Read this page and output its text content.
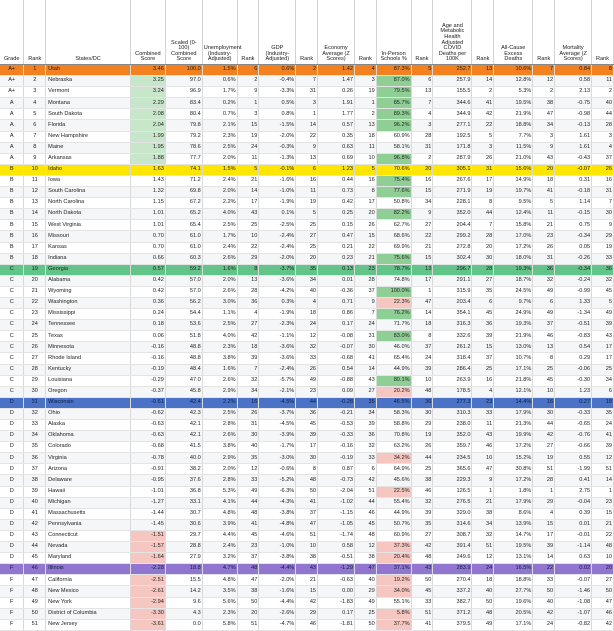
Grade	Rank	States/DC	Combined Score	Scaled (0-100) Combined Score	Unemployment (Industry-Adjusted)	Rank	GDP (Industry-Adjusted)	Rank	Economy Average (Z Scores)	Rank	In-Person Schools %	Rank	Age and Metabolic Health Adjusted COVID Deaths per 100K	Rank	All-Cause Excess Deaths	Rank	Mortality Average (Z Scores)	Rank
A+	1	Utah	3.46	100.0	1.5%	6	0.6%	2	1.42	4	87.3%	5	252.7	13	10.6%	7	0.84	8
A+	2	Nebraska	3.25	97.0	0.6%	2	-0.4%	7	1.47	3	87.0%	6	257.9	14	12.8%	12	0.58	11
A+	3	Vermont	3.24	96.9	1.7%	9	-3.3%	31	0.26	19	79.5%	13	155.5	2	5.3%	2	2.13	2
A	4	Montana	2.29	83.4	0.2%	1	0.5%	3	1.91	1	85.7%	7	344.6	41	19.5%	38	-0.75	40
A	5	South Dakota	2.08	80.4	0.7%	3	0.8%	1	1.77	2	89.3%	4	344.9	42	21.9%	47	-0.98	44
A	6	Florida	2.04	79.8	2.1%	15	-1.5%	14	0.57	13	96.2%	3	277.1	22	18.8%	34	-0.13	28
A	7	New Hampshire	1.99	79.2	2.3%	19	-2.0%	22	0.35	18	60.9%	28	192.5	5	7.7%	3	1.61	3
A	8	Maine	1.95	78.6	2.5%	24	-0.3%	9	0.63	11	58.1%	31	171.8	3	11.5%	9	1.61	4
A	9	Arkansas	1.88	77.7	2.0%	11	-1.3%	13	0.69	10	96.8%	2	287.9	26	21.0%	43	-0.43	37
B	10	Idaho	1.63	74.1	1.5%	5	-0.1%	6	1.23	5	70.6%	20	305.1	31	15.6%	20	-0.07	26
B	11	Iowa	1.43	71.2	2.4%	21	-1.6%	16	0.44	16	75.4%	16	267.6	17	14.9%	18	0.31	16
B	12	South Carolina	1.32	69.8	2.0%	14	-1.0%	11	0.73	8	77.6%	15	271.9	19	19.7%	41	-0.18	31
B	13	North Carolina	1.15	67.2	2.2%	17	-1.9%	19	0.42	17	50.8%	34	228.1	8	9.5%	5	1.14	7
B	14	North Dakota	1.01	65.2	4.0%	43	0.1%	5	0.25	20	82.2%	9	352.0	44	12.4%	11	-0.15	30
B	15	West Virginia	1.01	65.4	2.5%	25	-2.5%	25	0.15	26	62.7%	27	204.4	7	15.8%	21	0.75	9
B	16	Missouri	0.70	61.0	1.7%	10	-2.4%	27	0.47	15	68.6%	22	299.2	28	17.0%	23	-0.34	29
B	17	Kansas	0.70	61.0	2.4%	22	-2.4%	25	0.21	22	69.9%	21	272.8	20	17.2%	26	0.05	19
B	18	Indiana	0.66	60.3	2.6%	29	-2.0%	20	0.23	21	75.6%	15	302.4	30	18.0%	31	-0.26	33
C	19	Georgia	0.57	59.2	1.6%	8	-3.7%	35	0.13	23	78.7%	13	296.7	28	19.3%	36	-0.34	36
C	20	Alabama	0.42	57.0	2.0%	13	-3.6%	34	0.01	28	74.8%	17	291.1	27	18.7%	32	-0.24	32
C	21	Wyoming	0.42	57.0	2.6%	28	-4.2%	40	-0.36	37	100.0%	1	315.9	35	24.5%	49	-0.99	45
C	22	Washington	0.36	56.2	3.0%	36	0.3%	4	0.71	9	22.3%	47	203.4	6	9.7%	6	1.33	5
C	23	Mississippi	0.24	54.4	1.1%	4	-1.9%	18	0.86	7	76.2%	14	354.1	45	24.9%	49	-1.34	49
C	24	Tennessee	0.18	53.6	2.5%	27	-2.3%	24	0.17	24	71.7%	18	316.3	36	19.3%	37	-0.51	39
C	25	Texas	0.06	51.8	4.0%	42	-1.1%	12	-0.08	31	83.0%	8	332.6	39	21.9%	46	-0.83	43
C	26	Minnesota	-0.16	48.8	2.3%	18	-3.6%	32	-0.07	30	46.0%	37	261.2	15	13.0%	13	0.54	17
C	27	Rhode Island	-0.16	48.8	3.8%	39	-3.6%	33	-0.68	41	65.4%	24	318.4	37	10.7%	8	0.29	17
C	28	Kentucky	-0.19	48.4	1.6%	7	-2.4%	26	0.54	14	44.9%	39	286.4	25	17.1%	25	-0.06	25
C	29	Louisiana	-0.29	47.0	2.6%	32	-5.7%	49	-0.88	43	80.1%	10	263.9	16	21.8%	45	-0.30	34
C	30	Oregon	-0.37	45.8	2.9%	34	-2.1%	23	0.09	27	20.2%	48	178.5	4	12.1%	10	1.23	6
D	31	Wisconsin	-0.61	42.4	2.2%	16	-4.5%	44	-0.28	35	46.5%	36	277.3	23	14.4%	16	0.27	18
D	32	Ohio	-0.62	42.3	2.5%	26	-3.7%	36	-0.21	34	58.3%	30	310.3	33	17.9%	30	-0.33	35
D	33	Alaska	-0.63	42.1	2.8%	31	-4.5%	45	-0.53	39	58.8%	29	238.0	11	21.3%	44	-0.65	24
D	34	Oklahoma	-0.63	42.1	2.6%	30	-3.9%	39	-0.33	36	70.8%	19	352.0	43	19.9%	42	-0.76	41
D	35	Colorado	-0.68	41.5	3.8%	40	-1.7%	17	-0.16	32	63.2%	26	359.7	46	17.2%	27	-0.66	39
D	36	Virginia	-0.78	40.0	2.9%	35	-3.0%	30	-0.19	33	34.2%	44	234.5	10	15.2%	19	0.55	12
D	37	Arizona	-0.91	38.2	2.0%	12	-0.6%	8	0.87	6	64.9%	25	365.6	47	30.8%	51	-1.99	51
D	38	Delaware	-0.95	37.6	2.8%	33	-5.2%	48	-0.73	42	45.6%	38	229.3	9	17.2%	28	0.41	14
D	39	Hawaii	-1.01	36.8	5.3%	49	-6.3%	50	-2.04	51	22.5%	46	126.5	1	1.8%	1	2.75	1
D	40	Michigan	-1.27	33.1	4.1%	44	-4.3%	41	-1.02	44	55.4%	32	276.5	21	17.9%	29	-0.04	23
D	41	Massachusetts	-1.44	30.7	4.8%	48	-3.8%	37	-1.15	46	44.9%	39	329.0	38	8.6%	4	0.39	15
D	42	Pennsylvania	-1.45	30.6	3.9%	41	-4.8%	47	-1.05	45	50.7%	35	314.6	34	13.9%	15	0.01	21
D	43	Connecticut	-1.51	29.7	4.4%	45	-4.6%	51	-1.74	48	60.9%	27	308.7	32	14.7%	17	-0.01	22
D	44	Nevada	-1.57	28.8	2.4%	23	-1.0%	10	0.58	12	37.3%	42	391.4	51	19.5%	39	-1.14	48
D	45	Maryland	-1.64	27.9	3.2%	37	-3.8%	38	-0.51	38	20.4%	48	249.6	12	13.1%	14	0.63	10
F	46	Illinois	-2.28	18.8	4.7%	48	-4.4%	43	-1.29	47	37.1%	43	283.9	24	16.5%	22	0.02	20
F	47	California	-2.51	15.5	4.8%	47	-2.0%	21	-0.63	40	19.2%	50	270.4	18	18.8%	33	-0.07	27
F	48	New Mexico	-2.61	14.2	3.5%	38	-1.6%	15	0.00	29	34.0%	45	337.2	40	27.7%	50	-1.46	50
F	49	New York	-2.94	9.6	5.6%	50	-4.4%	42	-1.83	49	55.1%	33	382.7	50	19.6%	40	-1.08	47
F	50	District of Columbia	-3.30	4.3	2.3%	20	-2.6%	29	0.17	25	5.8%	51	371.2	48	20.5%	42	-1.07	46
F	51	New Jersey	-3.61	0.0	5.8%	51	-4.7%	46	-1.81	50	37.7%	41	379.5	49	17.1%	24	-0.82	42
